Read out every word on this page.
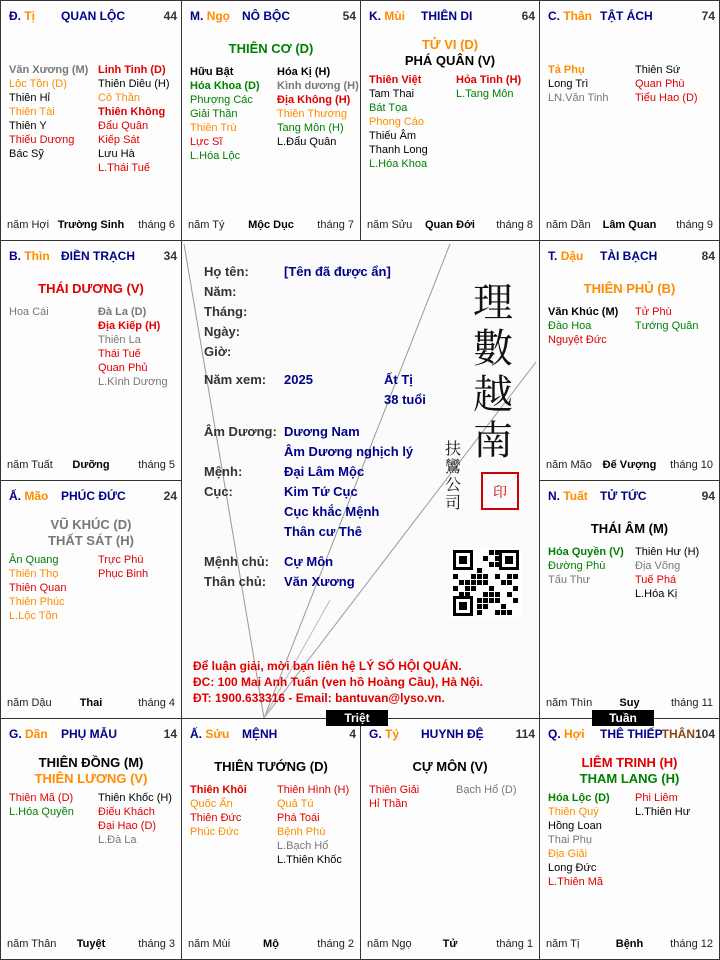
Đ. Tị QUAN LỘC	44
Văn Xương (M)
Lộc Tồn (D)
Thiên Hỉ
Thiên Tài
Thiên Y
Thiếu Dương
Bác Sỹ
Linh Tinh (D)
Thiên Diêu (H)
Cô Thần
Thiên Không
Đẩu Quân
Kiếp Sát
Lưu Hà
L.Thái Tuế
năm Hợi Trường Sinh	tháng 6
M. Ngọ NÔ BỘC	54
THIÊN CƠ (D)
Hữu Bật
Hóa Khoa (D)
Phượng Các
Giải Thần
Thiên Trù
Lực Sĩ
L.Hóa Lộc
Hóa Kị (H)
Kình dương (H)
Địa Không (H)
Thiên Thương
Tang Môn (H)
L.Đẩu Quân
năm Tý	Mộc Dục	tháng 7
K. Mùi THIÊN DI	64
TỬ VI (D)
PHÁ QUÂN (V)
Thiên Việt
Tam Thai
Bát Tọa
Phong Cáo
Thiếu Âm
Thanh Long
L.Hóa Khoa
Hỏa Tinh (H)
L.Tang Môn
năm Sửu	Quan Đới	tháng 8
C. Thân TẬT ÁCH	74
Tả Phụ
Long Trì
LN.Văn Tinh
Thiên Sứ
Quan Phù
Tiểu Hao (D)
năm Dần	Lâm Quan	tháng 9
B. Thìn ĐIỀN TRẠCH 34
THÁI DƯƠNG (V)
Hoa Cái	Đà La (D)
Địa Kiếp (H)
Thiên La
Thái Tuế
Quan Phủ
L.Kình Dương
năm Tuất	Dưỡng	tháng 5
T. Dậu TÀI BẠCH	84
THIÊN PHỦ (B)
Văn Khúc (M)
Đào Hoa
Nguyệt Đức
Tử Phù
Tướng Quân
năm Mão Đế Vượng	tháng 10
Ấ. Mão PHÚC ĐỨC	24
VŨ KHÚC (D)
THẤT SÁT (H)
Ân Quang
Thiên Thọ
Thiên Quan
Thiên Phúc
L.Lộc Tồn
Trực Phù
Phục Binh
năm Dậu	Thai	tháng 4
N. Tuất TỬ TỨC	94
THÁI ÂM (M)
Hóa Quyền (V)
Đường Phù
Tấu Thư
Thiên Hư (H)
Địa Võng
Tuế Phá
L.Hóa Kị
năm Thìn	Suy	tháng 11
G. Dần PHỤ MẪU	14
THIÊN ĐỒNG (M)
THIÊN LƯƠNG (V)
Thiên Mã (D)
L.Hóa Quyền
Thiên Khốc (H)
Điếu Khách
Đại Hao (D)
L.Đà La
năm Thân	Tuyệt	tháng 3
Ấ. Sửu MỆNH	4
THIÊN TƯỚNG (D)
Thiên Khôi
Quốc Ấn
Thiên Đức
Phúc Đức
Thiên Hình (H)
Quả Tú
Phá Toái
Bệnh Phù
L.Bạch Hổ
L.Thiên Khốc
năm Mùi	Mộ	tháng 2
G. Tý HUYNH ĐỆ	114
CỰ MÔN (V)
Thiên Giải
Hỉ Thần
Bạch Hổ (D)
năm Ngọ	Tử	tháng 1
Q. Hợi THÊ THIẾP	104
LIÊM TRINH (H)
THAM LANG (H)
Hóa Lộc (D)
Thiên Quý
Hồng Loan
Thai Phụ
Địa Giải
Long Đức
L.Thiên Mã
Phi Liêm
L.Thiên Hư
năm Tị	Bệnh	tháng 12
THÂN
Họ tên:	[Tên đã được ẩn]
Năm:
Tháng:
Ngày:
Giờ:
Năm xem: 2025
Âm Dương: Dương Nam
Âm Dương nghịch lý
Mệnh:	Đại Lâm Mộc
Cục:	Kim Tứ Cục
Cục khắc Mệnh
Thân cư Thê
Mệnh chủ: Cự Môn
Thân chủ: Văn Xương
Ất Tị
38 tuổi
理
數
越
南
扶
鸞
公
司
印
Để luận giải, mời bạn liên hệ LÝ SỐ HỘI QUÁN.
ĐC: 100 Mai Anh Tuấn (ven hồ Hoàng Cầu), Hà Nội.
ĐT: 1900.633316 - Email: bantuvan@lyso.vn.
Triệt	Tuần
